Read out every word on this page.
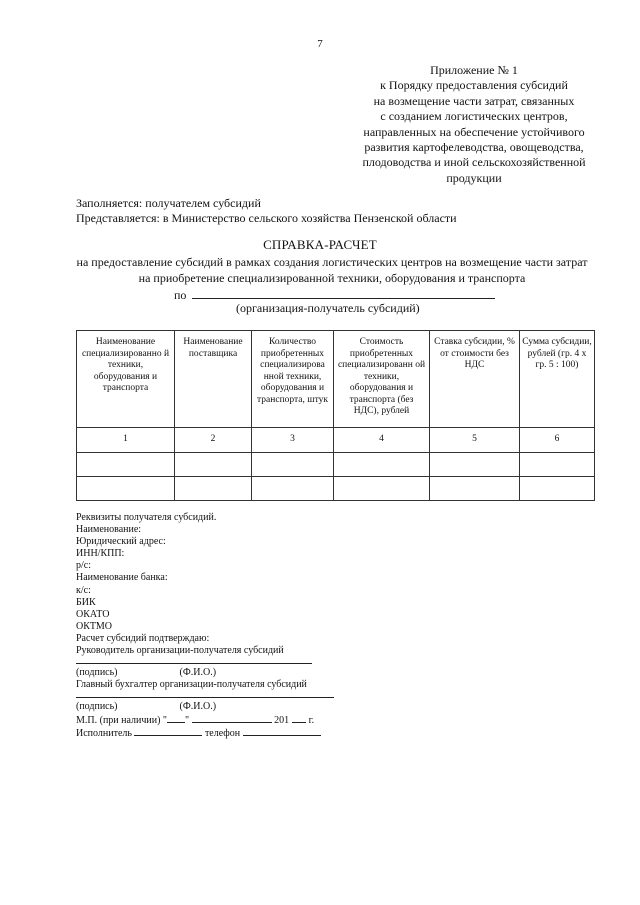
7
Приложение № 1
к Порядку предоставления субсидий
на возмещение части затрат, связанных
с созданием логистических центров,
направленных на обеспечение устойчивого
развития картофелеводства, овощеводства,
плодоводства и иной сельскохозяйственной
продукции
Заполняется: получателем субсидий
Представляется: в Министерство сельского хозяйства Пензенской области
СПРАВКА-РАСЧЕТ
на предоставление субсидий в рамках создания логистических центров на возмещение части затрат на приобретение специализированной техники, оборудования и транспорта
по
(организация-получатель субсидий)
Наименование специализированно й техники, оборудования и транспорта	Наименование поставщика	Количество приобретенных специализирова нной техники, оборудования и транспорта, штук	Стоимость приобретенных специализированн ой техники, оборудования и транспорта (без НДС), рублей	Ставка субсидии, % от стоимости без НДС	Сумма субсидии, рублей (гр. 4 х гр. 5 : 100)
1	2	3	4	5	6

Реквизиты получателя субсидий.
Наименование:
Юридический адрес:
ИНН/КПП:
р/с:
Наименование банка:
к/с:
БИК
ОКАТО
ОКТМО
Расчет субсидий подтверждаю:
Руководитель организации-получателя субсидий
(подпись)	(Ф.И.О.)
Главный бухгалтер организации-получателя субсидий
(подпись)	(Ф.И.О.)
М.П. (при наличии) " "	201 г.
Исполнитель	телефон
